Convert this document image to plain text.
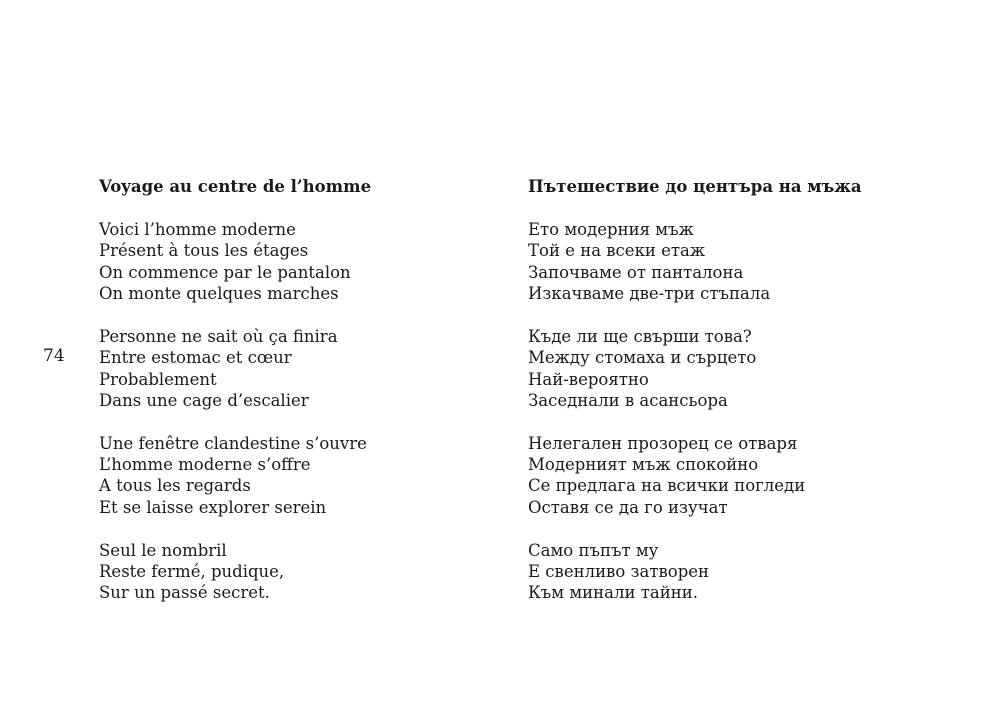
74
Voyage au centre de l’homme
Voici l’homme moderne
Présent à tous les étages
On commence par le pantalon
On monte quelques marches
Personne ne sait où ça finira
Entre estomac et cœur
Probablement
Dans une cage d’escalier
Une fenêtre clandestine s’ouvre
L’homme moderne s’offre
A tous les regards
Et se laisse explorer serein
Seul le nombril
Reste fermé, pudique,
Sur un passé secret.
Пътешествие до центъра на мъжа
Ето модерния мъж
Той е на всеки етаж
Започваме от панталона
Изкачваме две-три стъпала
Къде ли ще свърши това?
Между стомаха и сърцето
Най-вероятно
Заседнали в асансьора
Нелегален прозорец се отваря
Модерният мъж спокойно
Се предлага на всички погледи
Оставя се да го изучат
Само пъпът му
Е свенливо затворен
Към минали тайни.
